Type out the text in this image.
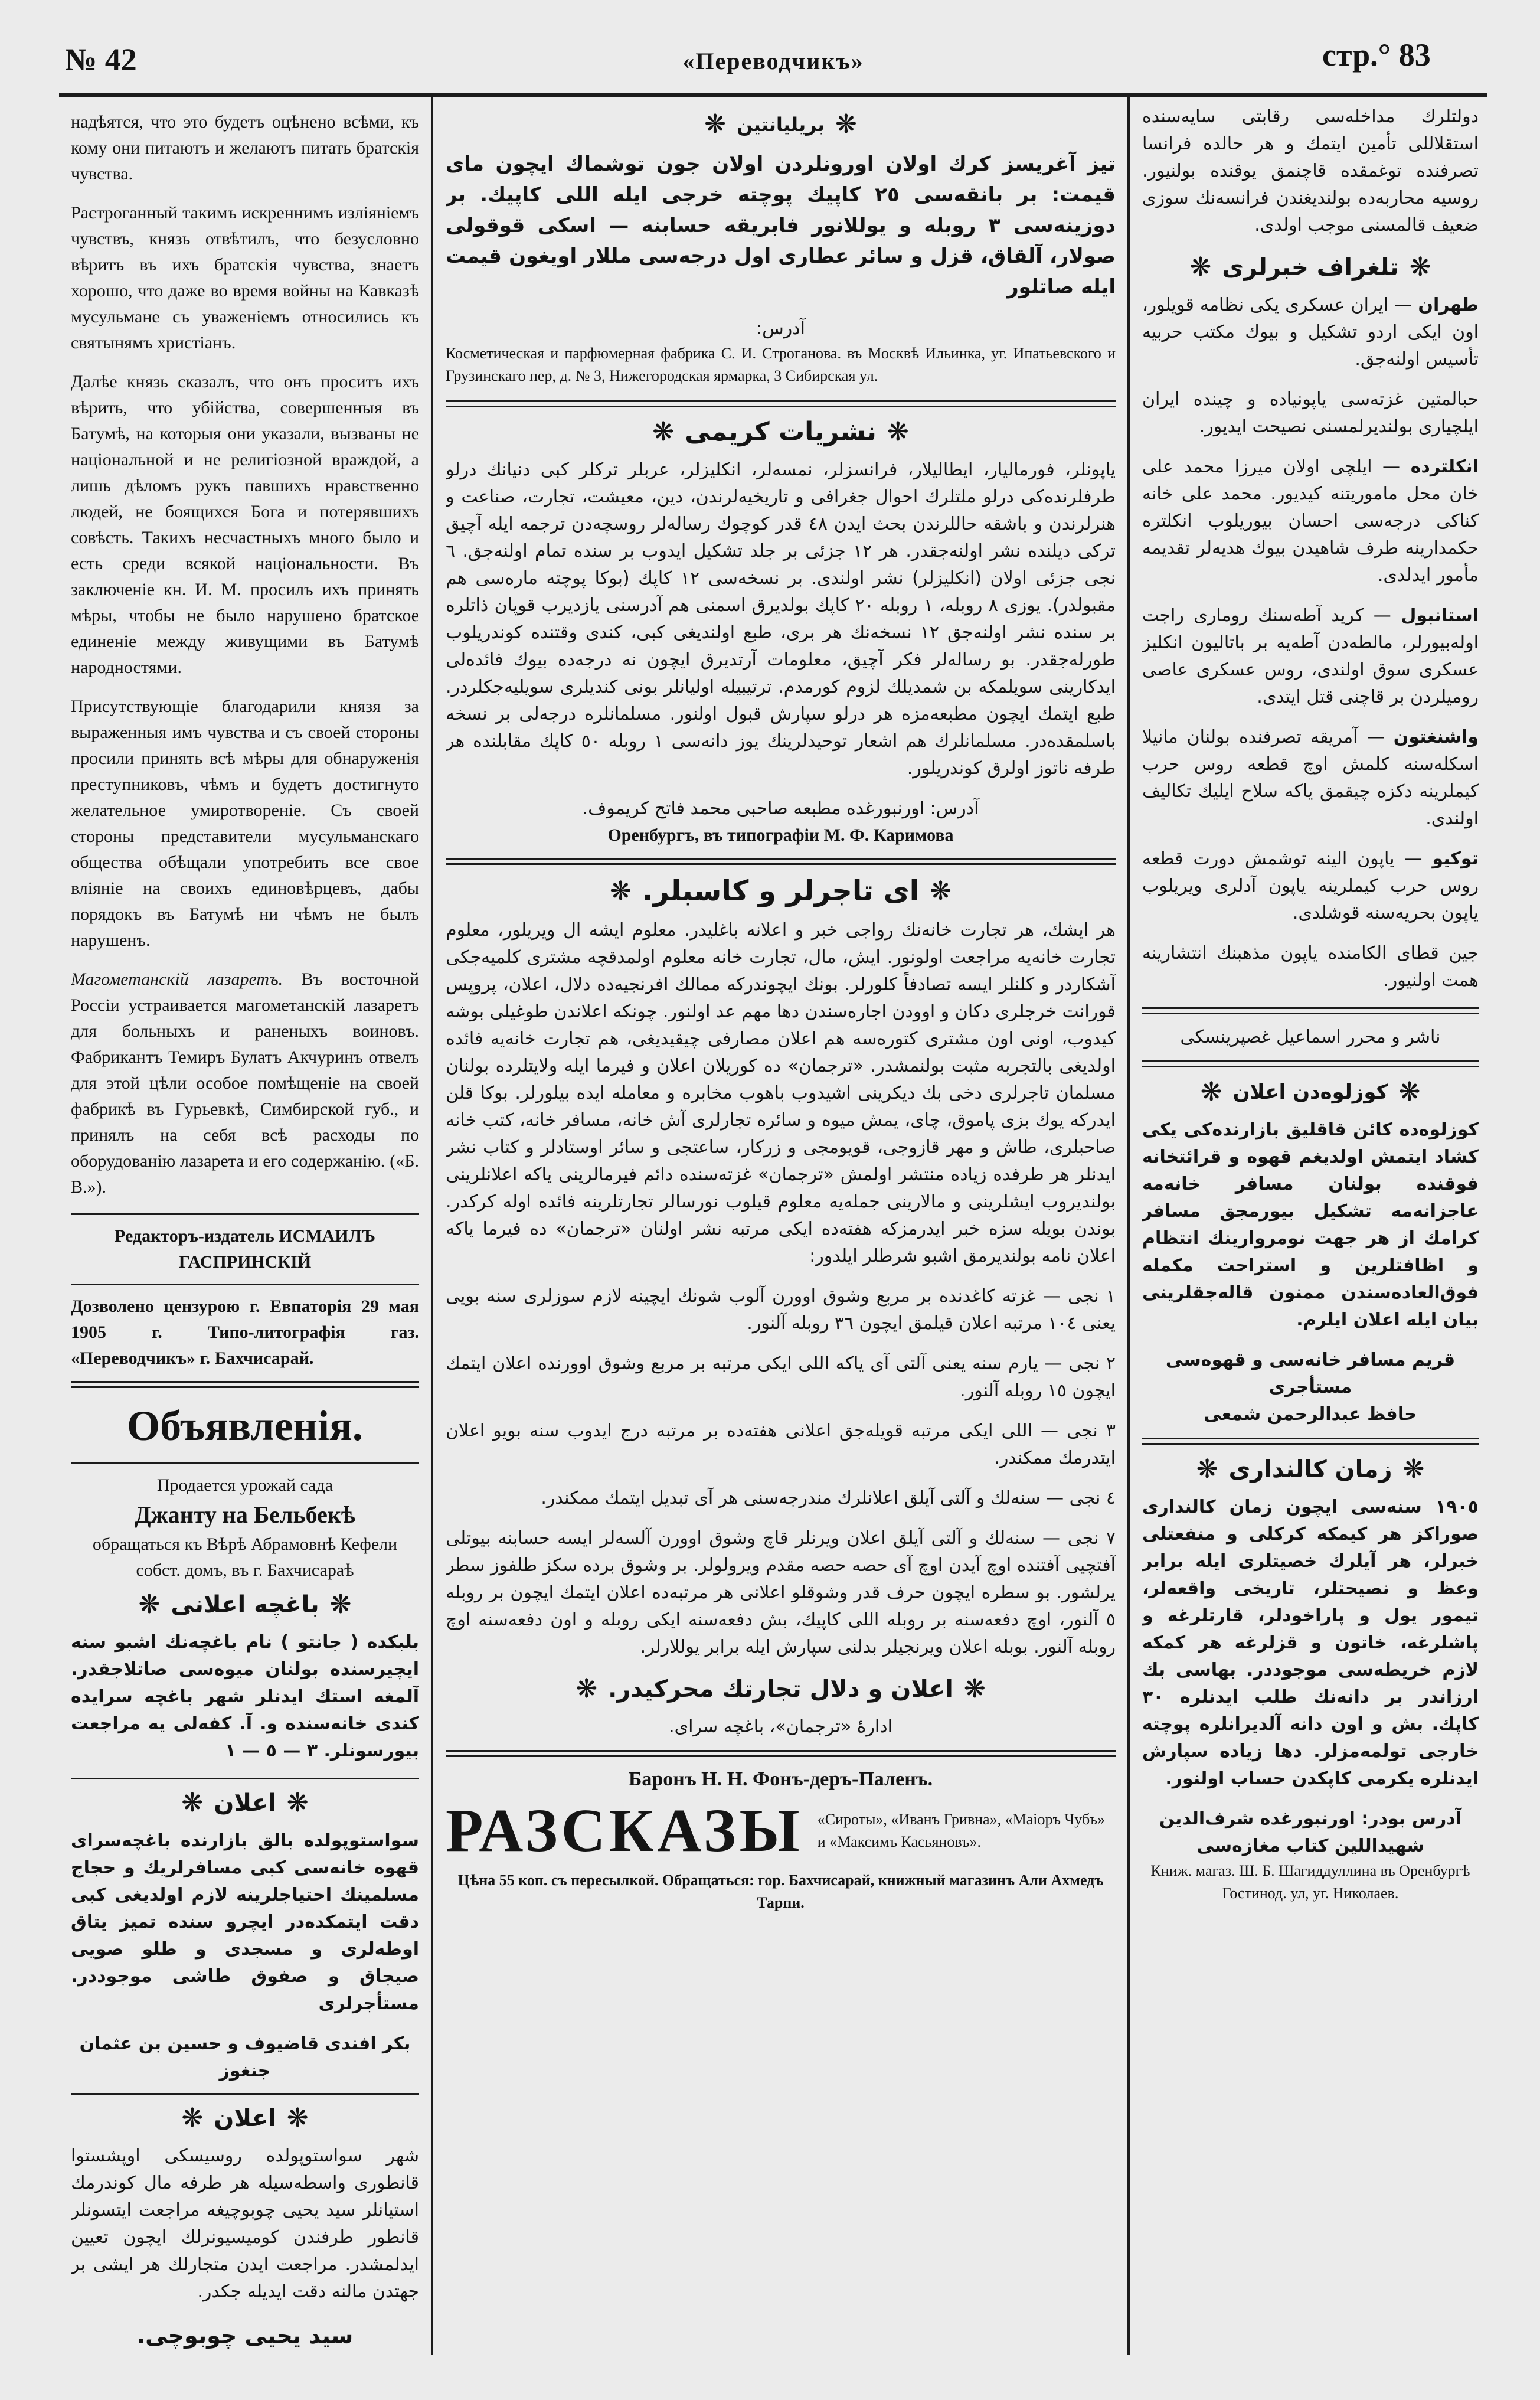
№ 42	«Переводчикъ»	стр.° 83

надѣятся, что это будетъ оцѣнено всѣми, къ кому они питаютъ и желаютъ питать братскія чувства.

Растроганный такимъ искреннимъ изліяніемъ чувствъ, князь отвѣтилъ, что безусловно вѣритъ въ ихъ братскія чувства, знаетъ хорошо, что даже во время войны на Кавказѣ мусульмане съ уваженіемъ относились къ святынямъ христіанъ.

Далѣе князь сказалъ, что онъ проситъ ихъ вѣрить, что убійства, совершенныя въ Батумѣ, на которыя они указали, вызваны не національной и не религіозной враждой, а лишь дѣломъ рукъ павшихъ нравственно людей, не боящихся Бога и потерявшихъ совѣсть. Такихъ несчастныхъ много было и есть среди всякой національности. Въ заключеніе кн. И. М. просилъ ихъ принять мѣры, чтобы не было нарушено братское единеніе между живущими въ Батумѣ народностями.

Присутствующіе благодарили князя за выраженныя имъ чувства и съ своей стороны просили принять всѣ мѣры для обнаруженія преступниковъ, чѣмъ и будетъ достигнуто желательное умиротвореніе. Съ своей стороны представители мусульманскаго общества обѣщали употребить все свое вліяніе на своихъ единовѣрцевъ, дабы порядокъ въ Батумѣ ни чѣмъ не былъ нарушенъ.

Магометанскій лазаретъ. Въ восточной Россіи устраивается магометанскій лазаретъ для больныхъ и раненыхъ воиновъ. Фабрикантъ Темиръ Булатъ Акчуринъ отвелъ для этой цѣли особое помѣщеніе на своей фабрикѣ въ Гурьевкѣ, Симбирской губ., и принялъ на себя всѣ расходы по оборудованію лазарета и его содержанію. («Б. В.»).

Редакторъ-издатель ИСМАИЛЪ ГАСПРИНСКІЙ
Дозволено цензурою г. Евпаторія 29 мая 1905 г. Типо-литографія газ. «Переводчикъ» г. Бахчисарай.
Объявленія.
Продается урожай сада
Джанту на Бельбекѣ
обращаться къ Вѣрѣ Абрамовнѣ Кефели собст. домъ, въ г. Бахчисараѣ
❋ باغچه اعلانی ❋

بلبکده ( جانتو ) نام باغچه‌نك اشبو سنه ایچیرسنده بولنان میوه‌سی صاتلاجقدر. آلمغه استك ایدنلر شهر باغچه سرایده کندی خانه‌سنده و. آ. کفه‌لی یه مراجعت بیورسونلر. ٣ — ٥ — ١

❋ اعلان ❋

سواستوپولده بالق بازارنده باغچه‌سرای قهوه خانه‌سی کبی مسافرلریك و حجاج مسلمینك احتیاجلرینه لازم اولدیغی کبی دقت ایتمکده‌در ایچرو سنده تمیز یتاق اوطه‌لری و مسجدی و طلو صویی صیجاق و صفوق طاشی موجوددر. مستأجرلری

بکر افندی قاضیوف و حسین بن عثمان جنغوز
❋ اعلان ❋

شهر سواستوپولده روسیسکی اوپشستوا قانطوری واسطه‌سیله هر طرفه مال کوندرمك استیانلر سید یحیی چوبوچیغه مراجعت ایتسونلر قانطور طرفندن کومیسیونرلك ایچون تعیین ایدلمشدر. مراجعت ایدن متجارلك هر ایشی بر جهتدن مالنه دقت ایدیله جکدر.

سید یحیی چوبوچی.
❋ بریلیانتین ❋

تیز آغریسز کرك اولان اورونلردن اولان جون توشماك ایچون مای قیمت: بر بانقه‌سی ٢٥ کاپیك پوچته خرجی ایله اللی کاپیك. بر دوزینه‌سی ٣ روبله و یوللانور فابریقه حسابنه — اسکی قوقولی صولار، آلقاق، قزل و سائر عطاری اول درجه‌سی مللار اویغون قیمت ایله صاتلور

آدرس:

Косметическая и парфюмерная фабрика С. И. Строганова. въ Москвѣ Ильинка, уг. Ипатьевского и Грузинскаго пер, д. № 3, Нижегородская ярмарка, 3 Сибирская ул.

❋ نشریات کریمی ❋

یاپونلر، فورمالیار، ایطالیلار، فرانسزلر، نمسه‌لر، انکلیزلر، عربلر ترکلر کبی دنیانك درلو طرفلرنده‌کی درلو ملتلرك احوال جغرافی و تاریخیه‌لرندن، دین، معیشت، تجارت، صناعت و هنرلرندن و باشقه حاللرندن بحث ایدن ٤٨ قدر کوچوك رساله‌لر روسچه‌دن ترجمه ایله آچیق ترکی دیلنده نشر اولنه‌جقدر. هر ١٢ جزئی بر جلد تشکیل ایدوب بر سنده تمام اولنه‌جق. ٦ نجی جزئی اولان (انکلیزلر) نشر اولندی. بر نسخه‌سی ١٢ کاپك (بوکا پوچته ماره‌سی هم مقبولدر). یوزی ٨ روبله، ١ روبله ٢٠ کاپك بولدیرق اسمنی هم آدرسنی یازدیرب قوپان ذاتلره بر سنده نشر اولنه‌جق ١٢ نسخه‌نك هر بری، طبع اولندیغی کبی، کندی وقتنده کوندریلوب طورله‌جقدر. بو رساله‌لر فکر آچیق، معلومات آرتدیرق ایچون نه درجه‌ده بیوك فائده‌لی ایدکارینی سویلمکه بن شمدیلك لزوم کورمدم. ترتیبیله اولیانلر بونی کندیلری سویلیه‌جکلردر. طبع ایتمك ایچون مطبعه‌مزه هر درلو سپارش قبول اولنور. مسلمانلره درجه‌لی بر نسخه باسلمقده‌در. مسلمانلرك هم اشعار توحیدلرینك یوز دانه‌سی ١ روبله ٥٠ کاپك مقابلنده هر طرفه ناتوز اولرق کوندریلور.

آدرس: اورنبورغده مطبعه صاحبی محمد فاتح کریموف.
Оренбургъ, въ типографіи М. Ф. Каримова
❋ ای تاجرلر و کاسبلر. ❋

هر ایشك، هر تجارت خانه‌نك رواجی خبر و اعلانه باغلیدر. معلوم ایشه ال ویریلور، معلوم تجارت خانه‌یه مراجعت اولونور. ایش، مال، تجارت خانه معلوم اولمدقچه مشتری کلمیه‌جکی آشکاردر و کلنلر ایسه تصادفاً کلورلر. بونك ایچوندرکه ممالك افرنجیه‌ده دلال، اعلان، پروپس قورانت خرجلری دکان و اوودن اجاره‌سندن دها مهم عد اولنور. چونکه اعلاندن طوغیلی بوشه کیدوب، اونی اون مشتری کتوره‌سه هم اعلان مصارفی چیقیدیغی، هم تجارت خانه‌یه فائده اولدیغی بالتجربه مثبت بولنمشدر. «ترجمان» ده کوریلان اعلان و فیرما ایله ولایتلرده بولنان مسلمان تاجرلری دخی بك دیکرینی اشیدوب باهوب مخابره و معامله ایده بیلورلر. بوکا قلن ایدرکه یوك بزی پاموق، چای، یمش میوه و سائره تجارلری آش خانه، مسافر خانه، کتب خانه صاحبلری، طاش و مهر قازوجی، قویومجی و زرکار، ساعتجی و سائر اوستادلر و کتاب نشر ایدنلر هر طرفده زیاده منتشر اولمش «ترجمان» غزته‌سنده دائم فیرمالرینی یاکه اعلانلرینی بولندیروب ایشلرینی و مالارینی جمله‌یه معلوم قیلوب نورسالر تجارتلرینه فائده اوله کرکدر. بوندن بویله سزه خبر ایدرمزکه هفته‌ده ایکی مرتبه نشر اولنان «ترجمان» ده فیرما یاکه اعلان نامه بولندیرمق اشبو شرطلر ایلدور:

١ نجی — غزته کاغدنده بر مربع وشوق اوورن آلوب شونك ایچینه لازم سوزلری سنه بویی یعنی ١٠٤ مرتبه اعلان قیلمق ایچون ٣٦ روبله آلنور.

٢ نجی — یارم سنه یعنی آلتی آی یاکه اللی ایکی مرتبه بر مربع وشوق اوورنده اعلان ایتمك ایچون ١٥ روبله آلنور.

٣ نجی — اللی ایکی مرتبه قویله‌جق اعلانی هفته‌ده بر مرتبه درج ایدوب سنه بویو اعلان ایتدرمك ممکندر.

٤ نجی — سنه‌لك و آلتی آیلق اعلانلرك مندرجه‌سنی هر آی تبدیل ایتمك ممکندر.

٧ نجی — سنه‌لك و آلتی آیلق اعلان ویرنلر قاچ وشوق اوورن آلسه‌لر ایسه حسابنه بیوتلی آفتچیی آفتنده اوچ آیدن اوچ آی حصه حصه مقدم ویرولولر. بر وشوق برده سکز طلفوز سطر یرلشور. بو سطره ایچون حرف قدر وشوقلو اعلانی هر مرتبه‌ده اعلان ایتمك ایچون بر روبله ٥ آلنور، اوچ دفعه‌سنه بر روبله اللی کاپیك، بش دفعه‌سنه ایکی روبله و اون دفعه‌سنه اوچ روبله آلنور. بوبله اعلان ویرنجیلر بدلنی سپارش ایله برابر یوللارلر.

❋ اعلان و دلال تجارتك محرکیدر. ❋
ادارهٔ «ترجمان»، باغچه سرای.
Баронъ Н. Н. Фонъ-деръ-Паленъ.
РАЗСКАЗЫ «Сироты», «Иванъ Гривна», «Маіоръ Чубъ» и «Максимъ Касьяновъ».
Цѣна 55 коп. съ пересылкой. Обращаться: гор. Бахчисарай, книжный магазинъ Али Ахмедъ Тарпи.

دولتلرك مداخله‌سی رقابتی سایه‌سنده استقلاللی تأمین ایتمك و هر حالده فرانسا تصرفنده توغمقده قاچنمق یوقنده بولنیور. روسیه محاربه‌ده بولندیغندن فرانسه‌نك سوزی ضعیف قالمسنی موجب اولدی.

❋ تلغراف خبرلری ❋

طهران — ایران عسکری یکی نظامه قویلور، اون ایکی اردو تشکیل و بیوك مکتب حربیه تأسیس اولنه‌جق.

حبالمتین غزته‌سی یاپونیاده و چینده ایران ایلچیاری بولندیرلمسنی نصیحت ایدیور.

انکلترده — ایلچی اولان میرزا محمد علی خان محل ماموریتنه کیدیور. محمد علی خانه کناکی درجه‌سی احسان بیوریلوب انکلتره حکمدارینه طرف شاهیدن بیوك هدیه‌لر تقدیمه مأمور ایدلدی.

استانبول — کرید آطه‌سنك روماری راجت اوله‌بیورلر، مالطه‌دن آطه‌یه بر باتالیون انکلیز عسکری سوق اولندی، روس عسکری عاصی رومیلردن بر قاچنی قتل ایتدی.

واشنغتون — آمریقه تصرفنده بولنان مانیلا اسکله‌سنه کلمش اوچ قطعه روس حرب کیملرینه دکزه چیقمق یاکه سلاح ایلیك تکالیف اولندی.

توکیو — یاپون الینه توشمش دورت قطعه روس حرب کیملرینه یاپون آدلری ویریلوب یاپون بحریه‌سنه قوشلدی.

جین قطای الکامنده یاپون مذهبنك انتشارینه همت اولنیور.

ناشر و محرر اسماعیل غصپرینسکی
❋ کوزلوه‌دن اعلان ❋

کوزلوه‌ده کائن قاقلیق بازارنده‌کی یکی کشاد ایتمش اولدیغم قهوه و قرائتخانه فوقنده بولنان مسافر خانه‌مه عاجزانه‌مه تشکیل بیورمجق مسافر کرامك از هر جهت نومروارینك انتظام و اظافتلرین و استراحت مکمله فوق‌العاده‌سندن ممنون قاله‌جقلرینی بیان ایله اعلان ایلرم.

قریم مسافر خانه‌سی و قهوه‌سی
مستأجری
حافظ عبدالرحمن شمعی
❋ زمان کالنداری ❋

١٩٠٥ سنه‌سی ایچون زمان کالنداری صوراکز هر کیمکه کرکلی و منفعتلی خبرلر، هر آیلرك خصیتلری ایله برابر وعظ و نصیحتلر، تاریخی واقعه‌لر، تیمور یول و پاراخودلر، قارتلرغه و پاشلرغه، خاتون و قزلرغه هر کمکه لازم خریطه‌سی موجوددر. بهاسی بك ارزاندر بر دانه‌نك طلب ایدنلره ٣٠ کاپك. بش و اون دانه آلدیرانلره پوچته خارجی تولمه‌مزلر. دها زیاده سپارش ایدنلره یکرمی کاپکدن حساب اولنور.

آدرس بودر: اورنبورغده شرف‌الدین شهیداللین کتاب مغازه‌سی
Книж. магаз. Ш. Б. Шагиддуллина въ Оренбургѣ Гостинод. ул, уг. Николаев.
